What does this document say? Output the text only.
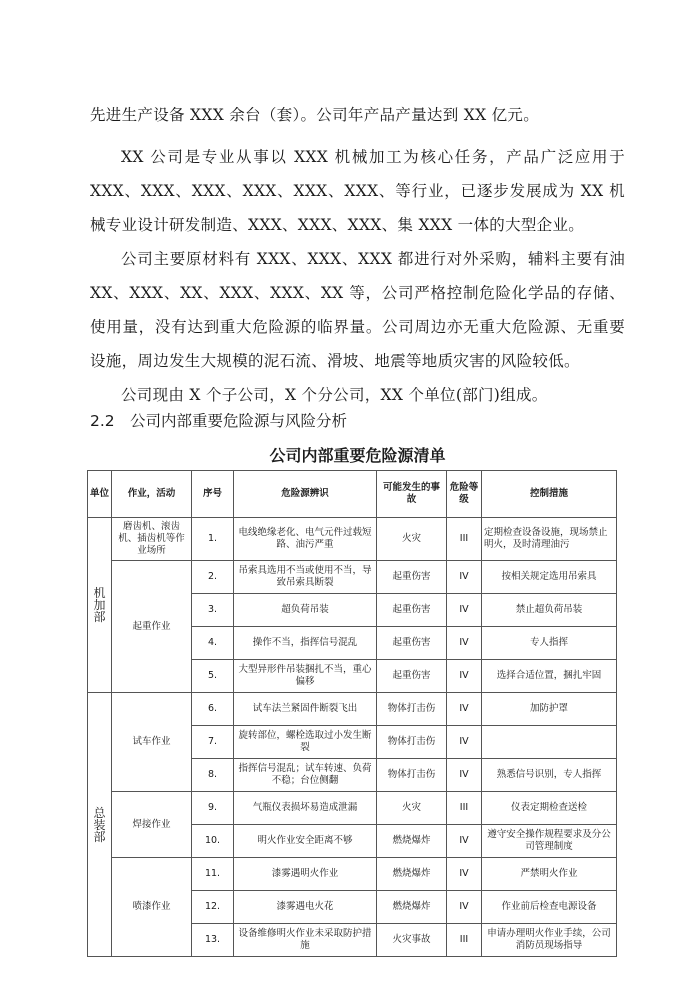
先进生产设备 XXX 余台（套）。公司年产品产量达到 XX 亿元。

XX 公司是专业从事以 XXX 机械加工为核心任务，产品广泛应用于 XXX、XXX、XXX、XXX、XXX、XXX、等行业，已逐步发展成为 XX 机械专业设计研发制造、XXX、XXX、XXX、集 XXX 一体的大型企业。

公司主要原材料有 XXX、XXX、XXX 都进行对外采购，辅料主要有油 XX、XXX、XX、XXX、XXX、XX 等，公司严格控制危险化学品的存储、使用量，没有达到重大危险源的临界量。公司周边亦无重大危险源、无重要设施，周边发生大规模的泥石流、滑坡、地震等地质灾害的风险较低。

公司现由 X 个子公司，X 个分公司，XX 个单位(部门)组成。

2.2 公司内部重要危险源与风险分析
公司内部重要危险源清单
单位	作业，活动	序号	危险源辨识	可能发生的事故	危险等级	控制措施

机
加
部	磨齿机、滚齿机、插齿机等作业场所	1.	电线绝缘老化、电气元件过载短路、油污严重	火灾	III	定期检查设备设施，现场禁止明火，及时清理油污
	起重作业	2.	吊索具选用不当或使用不当，导致吊索具断裂	起重伤害	IV	按相关规定选用吊索具
		3.	超负荷吊装	起重伤害	IV	禁止超负荷吊装
		4.	操作不当，指挥信号混乱	起重伤害	IV	专人指挥
		5.	大型异形件吊装捆扎不当，重心偏移	起重伤害	IV	选择合适位置，捆扎牢固

总
装
部	试车作业	6.	试车法兰紧固件断裂飞出	物体打击伤	IV	加防护罩
		7.	旋转部位，螺栓选取过小发生断裂	物体打击伤	IV	
		8.	指挥信号混乱；试车转速、负荷不稳；台位侧翻	物体打击伤	IV	熟悉信号识别，专人指挥
	焊接作业	9.	气瓶仪表损坏易造成泄漏	火灾	III	仪表定期检查送检
		10.	明火作业安全距离不够	燃烧爆炸	IV	遵守安全操作规程要求及分公司管理制度
	喷漆作业	11.	漆雾遇明火作业	燃烧爆炸	IV	严禁明火作业
		12.	漆雾遇电火花	燃烧爆炸	IV	作业前后检查电源设备
		13.	设备维修明火作业未采取防护措施	火灾事故	III	申请办理明火作业手续，公司消防员现场指导
